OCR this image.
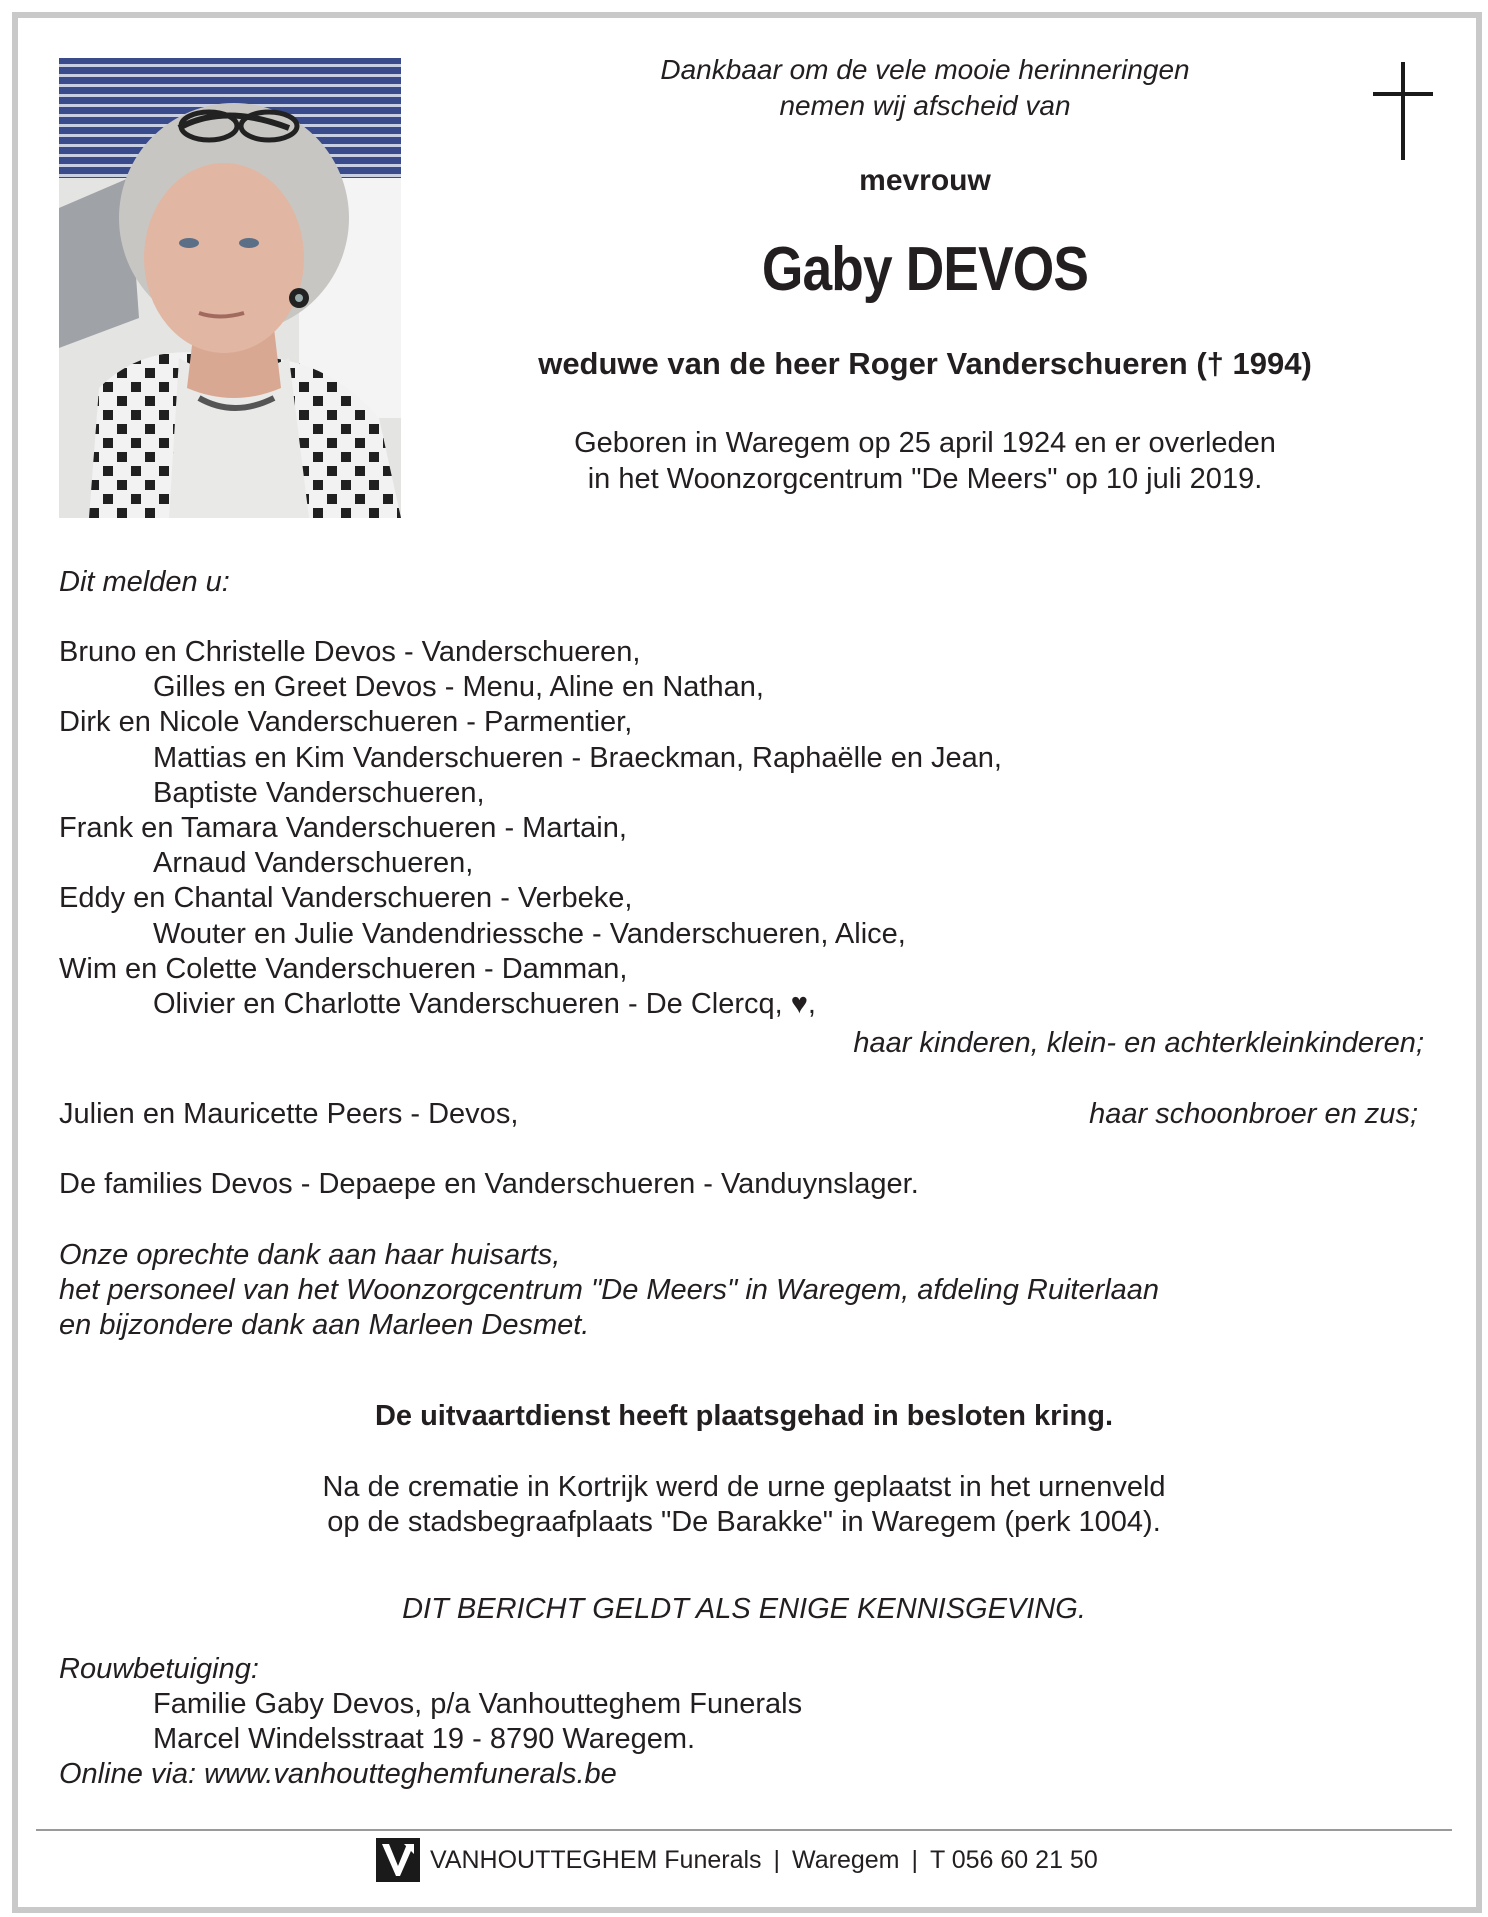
Dankbaar om de vele mooie herinneringen
nemen wij afscheid van
mevrouw
Gaby DEVOS
weduwe van de heer Roger Vanderschueren († 1994)
Geboren in Waregem op 25 april 1924 en er overleden
in het Woonzorgcentrum "De Meers" op 10 juli 2019.
Dit melden u:
Bruno en Christelle Devos - Vanderschueren,
Gilles en Greet Devos - Menu, Aline en Nathan,
Dirk en Nicole Vanderschueren - Parmentier,
Mattias en Kim Vanderschueren - Braeckman, Raphaëlle en Jean,
Baptiste Vanderschueren,
Frank en Tamara Vanderschueren - Martain,
Arnaud Vanderschueren,
Eddy en Chantal Vanderschueren - Verbeke,
Wouter en Julie Vandendriessche - Vanderschueren, Alice,
Wim en Colette Vanderschueren - Damman,
Olivier en Charlotte Vanderschueren - De Clercq, ♥,
haar kinderen, klein- en achterkleinkinderen;
Julien en Mauricette Peers - Devos,	haar schoonbroer en zus;
De families Devos - Depaepe en Vanderschueren - Vanduynslager.
Onze oprechte dank aan haar huisarts,
het personeel van het Woonzorgcentrum "De Meers" in Waregem, afdeling Ruiterlaan
en bijzondere dank aan Marleen Desmet.
De uitvaartdienst heeft plaatsgehad in besloten kring.
Na de crematie in Kortrijk werd de urne geplaatst in het urnenveld
op de stadsbegraafplaats "De Barakke" in Waregem (perk 1004).
DIT BERICHT GELDT ALS ENIGE KENNISGEVING.
Rouwbetuiging:
Familie Gaby Devos, p/a Vanhoutteghem Funerals
Marcel Windelsstraat 19 - 8790 Waregem.
Online via: www.vanhoutteghemfunerals.be
VANHOUTTEGHEM Funerals | Waregem | T 056 60 21 50
